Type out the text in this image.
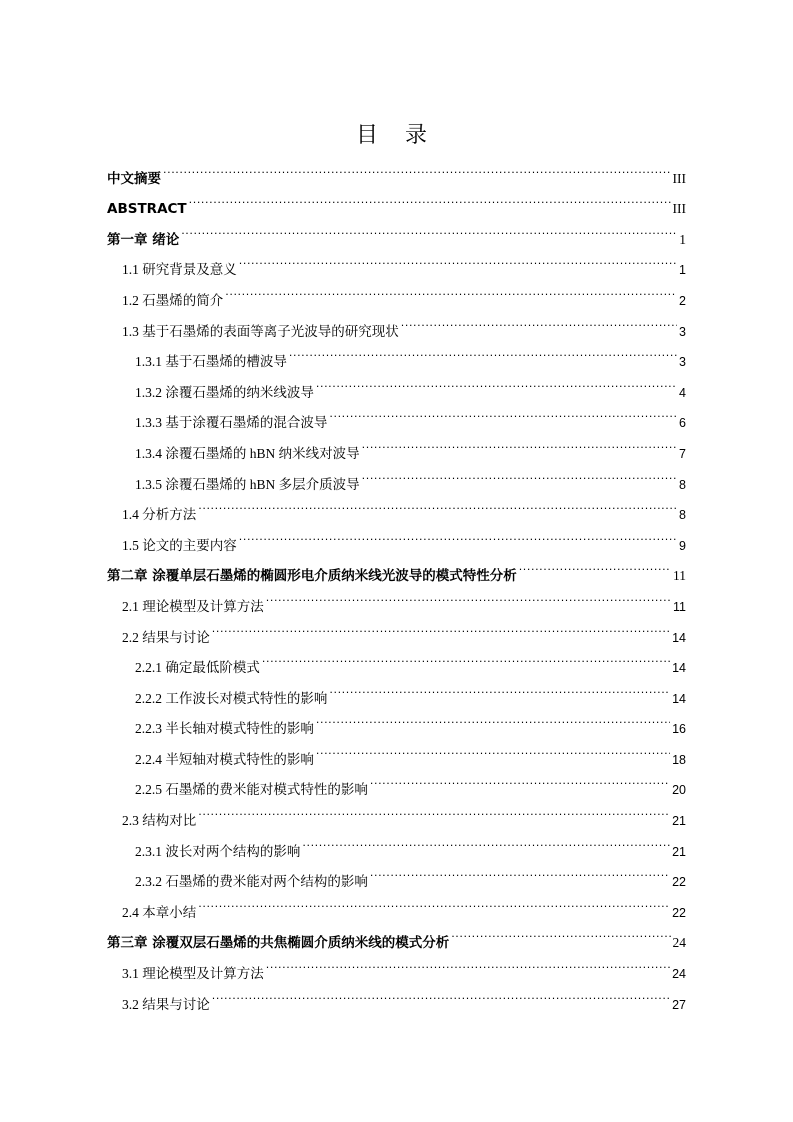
目 录
中文摘要 .....	III
ABSTRACT .....	III
第一章 绪论 .....	1
1.1 研究背景及意义 .....	1
1.2 石墨烯的简介 .....	2
1.3 基于石墨烯的表面等离子光波导的研究现状 .....	3
1.3.1 基于石墨烯的槽波导 .....	3
1.3.2 涂覆石墨烯的纳米线波导 .....	4
1.3.3 基于涂覆石墨烯的混合波导 .....	6
1.3.4 涂覆石墨烯的 hBN 纳米线对波导 .....	7
1.3.5 涂覆石墨烯的 hBN 多层介质波导 .....	8
1.4 分析方法 .....	8
1.5 论文的主要内容 .....	9
第二章 涂覆单层石墨烯的椭圆形电介质纳米线光波导的模式特性分析 .....	11
2.1 理论模型及计算方法 .....	11
2.2 结果与讨论 .....	14
2.2.1 确定最低阶模式 .....	14
2.2.2 工作波长对模式特性的影响 .....	14
2.2.3 半长轴对模式特性的影响 .....	16
2.2.4 半短轴对模式特性的影响 .....	18
2.2.5 石墨烯的费米能对模式特性的影响 .....	20
2.3 结构对比 .....	21
2.3.1 波长对两个结构的影响 .....	21
2.3.2 石墨烯的费米能对两个结构的影响 .....	22
2.4 本章小结 .....	22
第三章 涂覆双层石墨烯的共焦椭圆介质纳米线的模式分析 .....	24
3.1 理论模型及计算方法 .....	24
3.2 结果与讨论 .....	27
